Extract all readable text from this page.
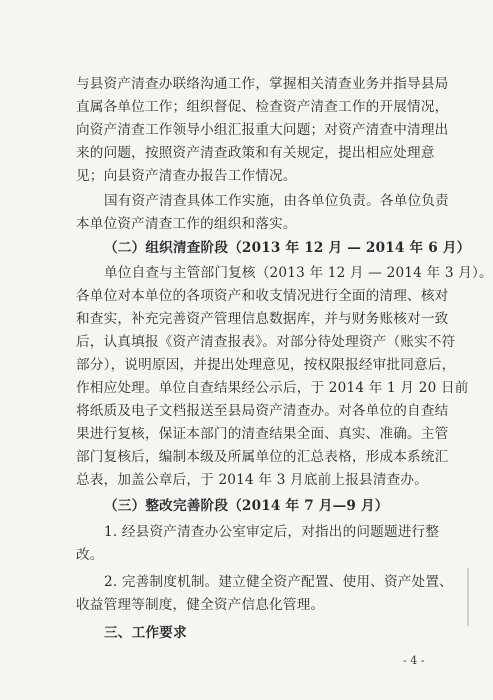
与县资产清查办联络沟通工作，掌握相关清查业务并指导县局
直属各单位工作；组织督促、检查资产清查工作的开展情况，
向资产清查工作领导小组汇报重大问题；对资产清查中清理出
来的问题，按照资产清查政策和有关规定，提出相应处理意
见；向县资产清查办报告工作情况。
国有资产清查具体工作实施，由各单位负责。各单位负责
本单位资产清查工作的组织和落实。
（二）组织清查阶段（2013 年 12 月 — 2014 年 6 月）
单位自查与主管部门复核（2013 年 12 月 — 2014 年 3 月）。
各单位对本单位的各项资产和收支情况进行全面的清理、核对
和查实，补充完善资产管理信息数据库，并与财务账核对一致
后，认真填报《资产清查报表》。对部分待处理资产（账实不符
部分），说明原因，并提出处理意见，按权限报经审批同意后，
作相应处理。单位自查结果经公示后，于 2014 年 1 月 20 日前
将纸质及电子文档报送至县局资产清查办。对各单位的自查结
果进行复核，保证本部门的清查结果全面、真实、准确。主管
部门复核后，编制本级及所属单位的汇总表格，形成本系统汇
总表，加盖公章后，于 2014 年 3 月底前上报县清查办。
（三）整改完善阶段（2014 年 7 月—9 月）
1. 经县资产清查办公室审定后，对指出的问题题进行整
改。
2. 完善制度机制。建立健全资产配置、使用、资产处置、
收益管理等制度，健全资产信息化管理。
三、工作要求
- 4 -
